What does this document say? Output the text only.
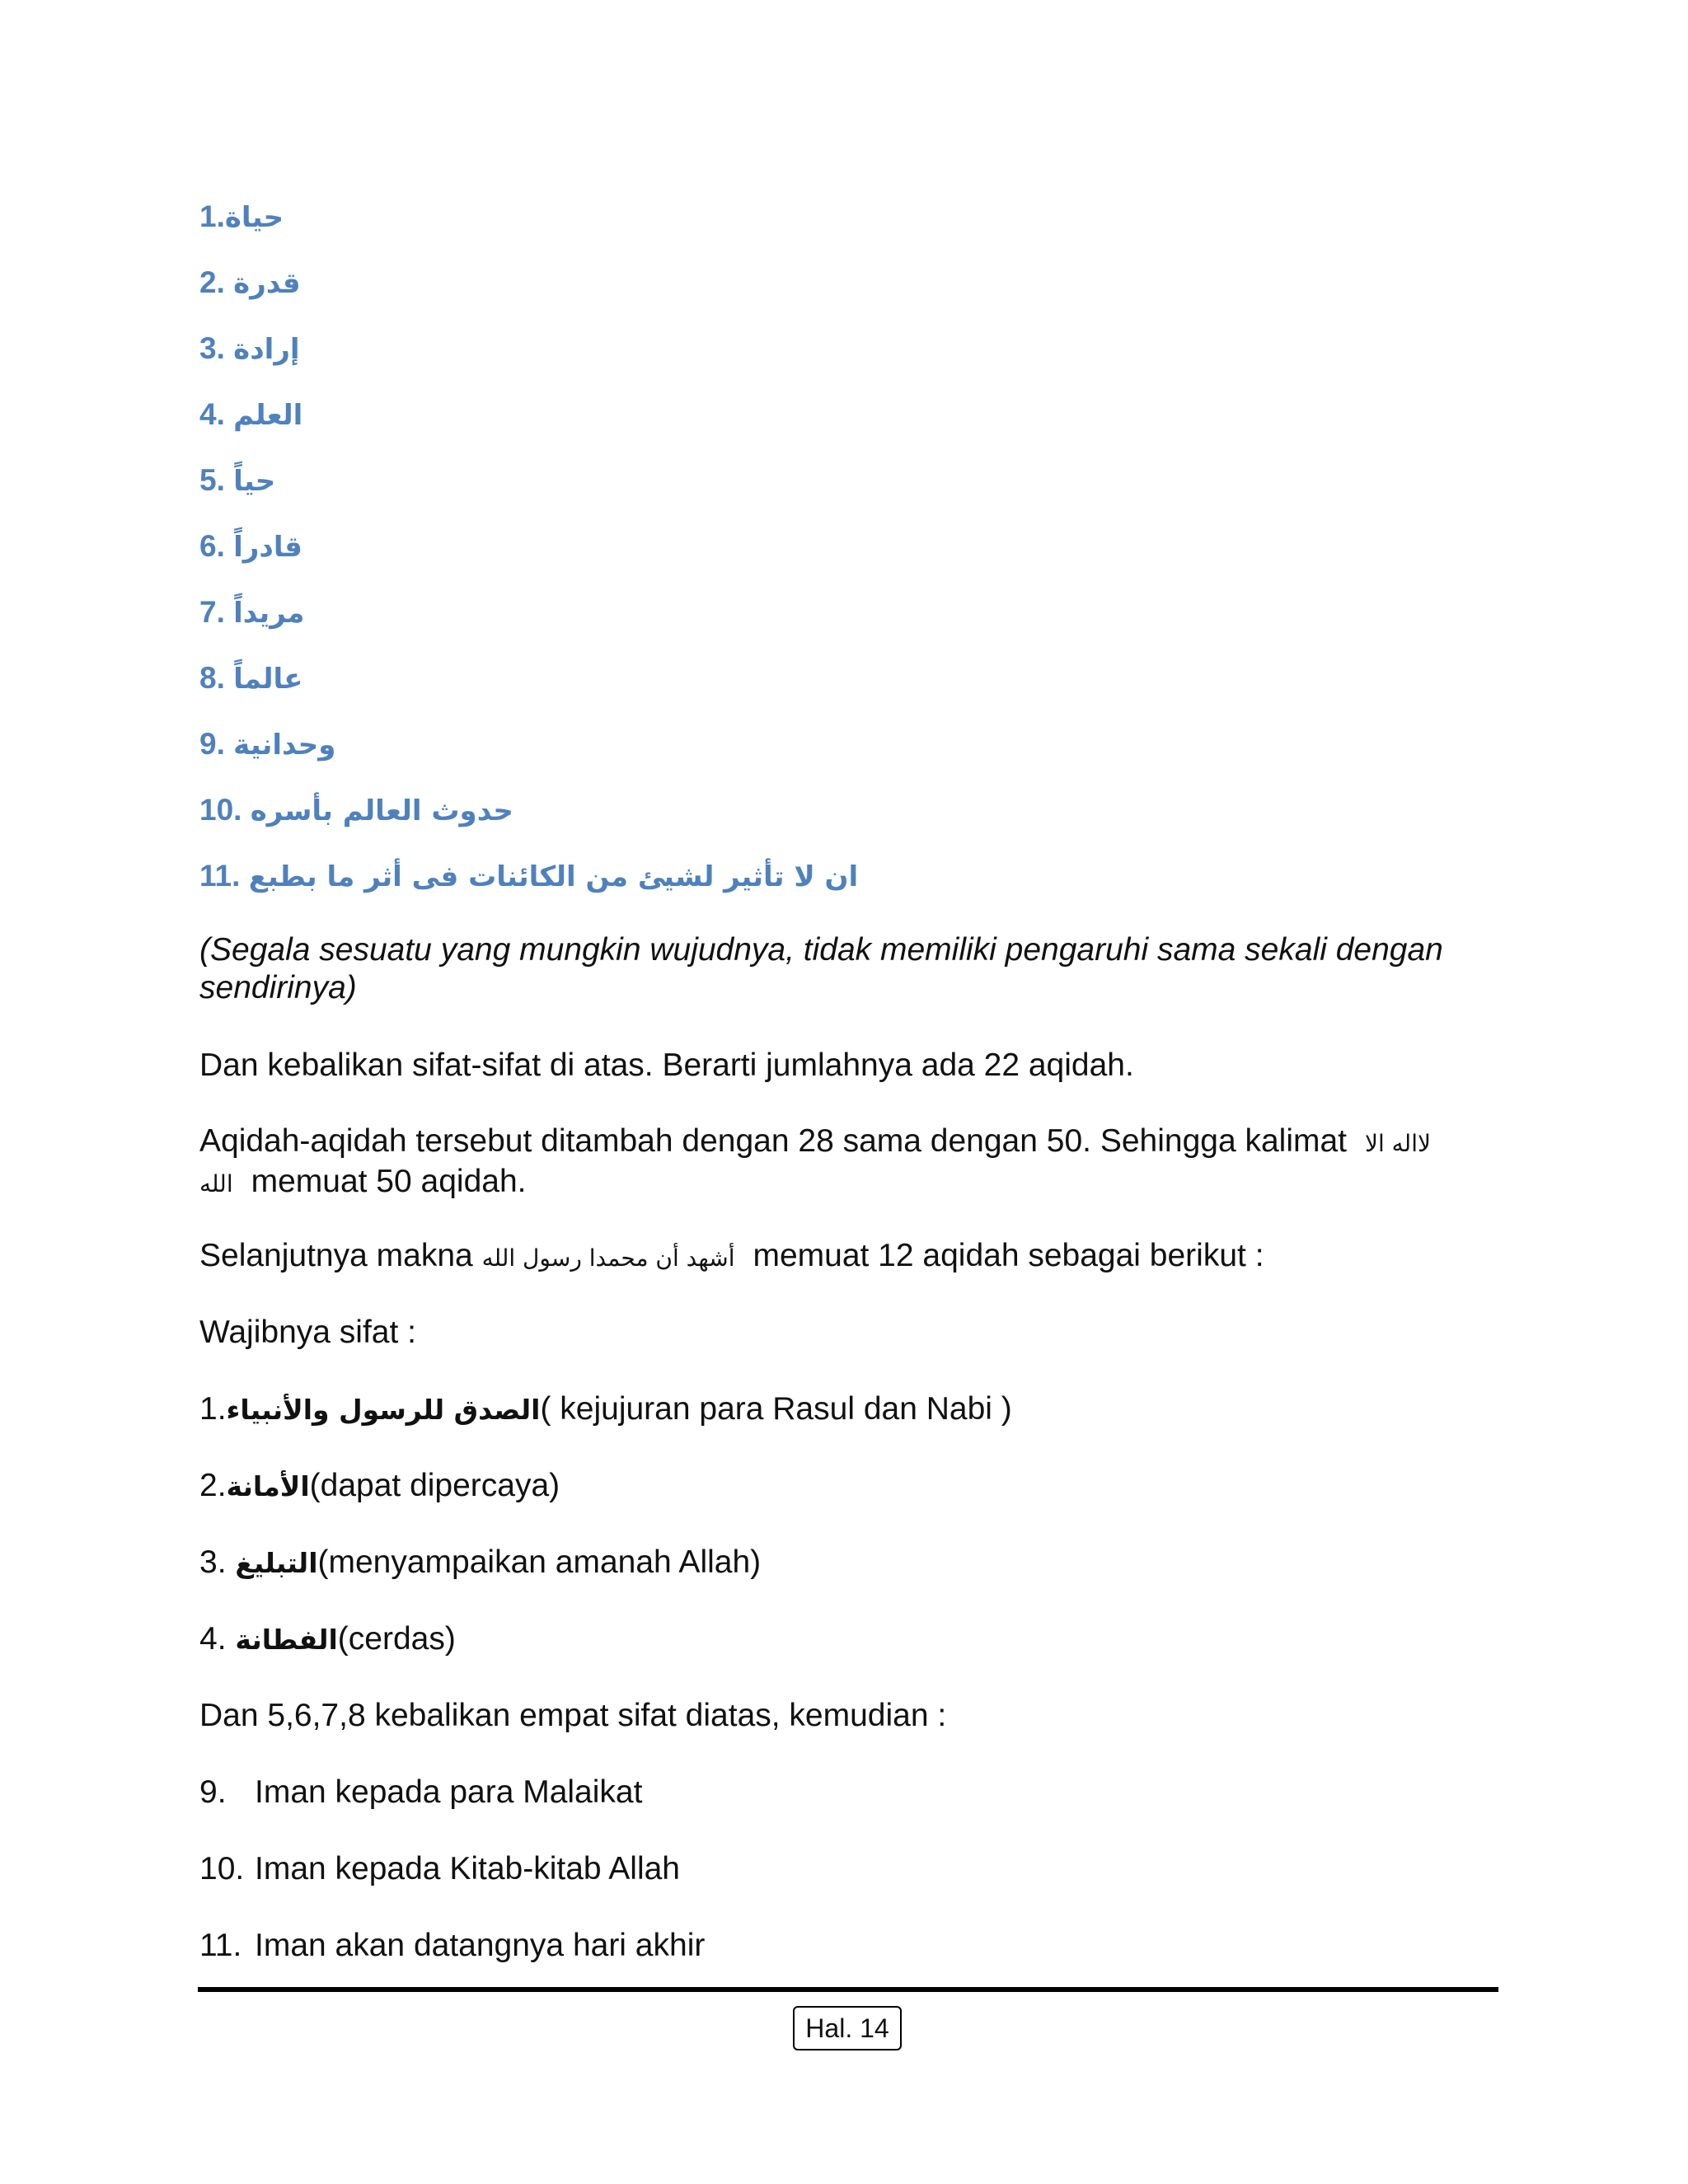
1.حياة
2. قدرة
3. إرادة
4. العلم
5. حياً
6. قادراً
7. مريداً
8. عالماً
9. وحدانية
10. حدوث العالم بأسره
11. ان لا تأثير لشيئ من الكائنات فى أثر ما بطبع

(Segala sesuatu yang mungkin wujudnya, tidak memiliki pengaruhi sama sekali dengan sendirinya)

Dan kebalikan sifat-sifat di atas. Berarti jumlahnya ada 22 aqidah.

Aqidah-aqidah tersebut ditambah dengan 28 sama dengan 50. Sehingga kalimat لااله الا
الله memuat 50 aqidah.

Selanjutnya makna أشهد أن محمدا رسول الله memuat 12 aqidah sebagai berikut :

Wajibnya sifat :

1.الصدق للرسول والأنبياء( kejujuran para Rasul dan Nabi )

2.الأمانة(dapat dipercaya)

3. التبليغ(menyampaikan amanah Allah)

4. الفطانة(cerdas)

Dan 5,6,7,8 kebalikan empat sifat diatas, kemudian :

9. Iman kepada para Malaikat

10. Iman kepada Kitab-kitab Allah

11. Iman akan datangnya hari akhir

Hal. 14
